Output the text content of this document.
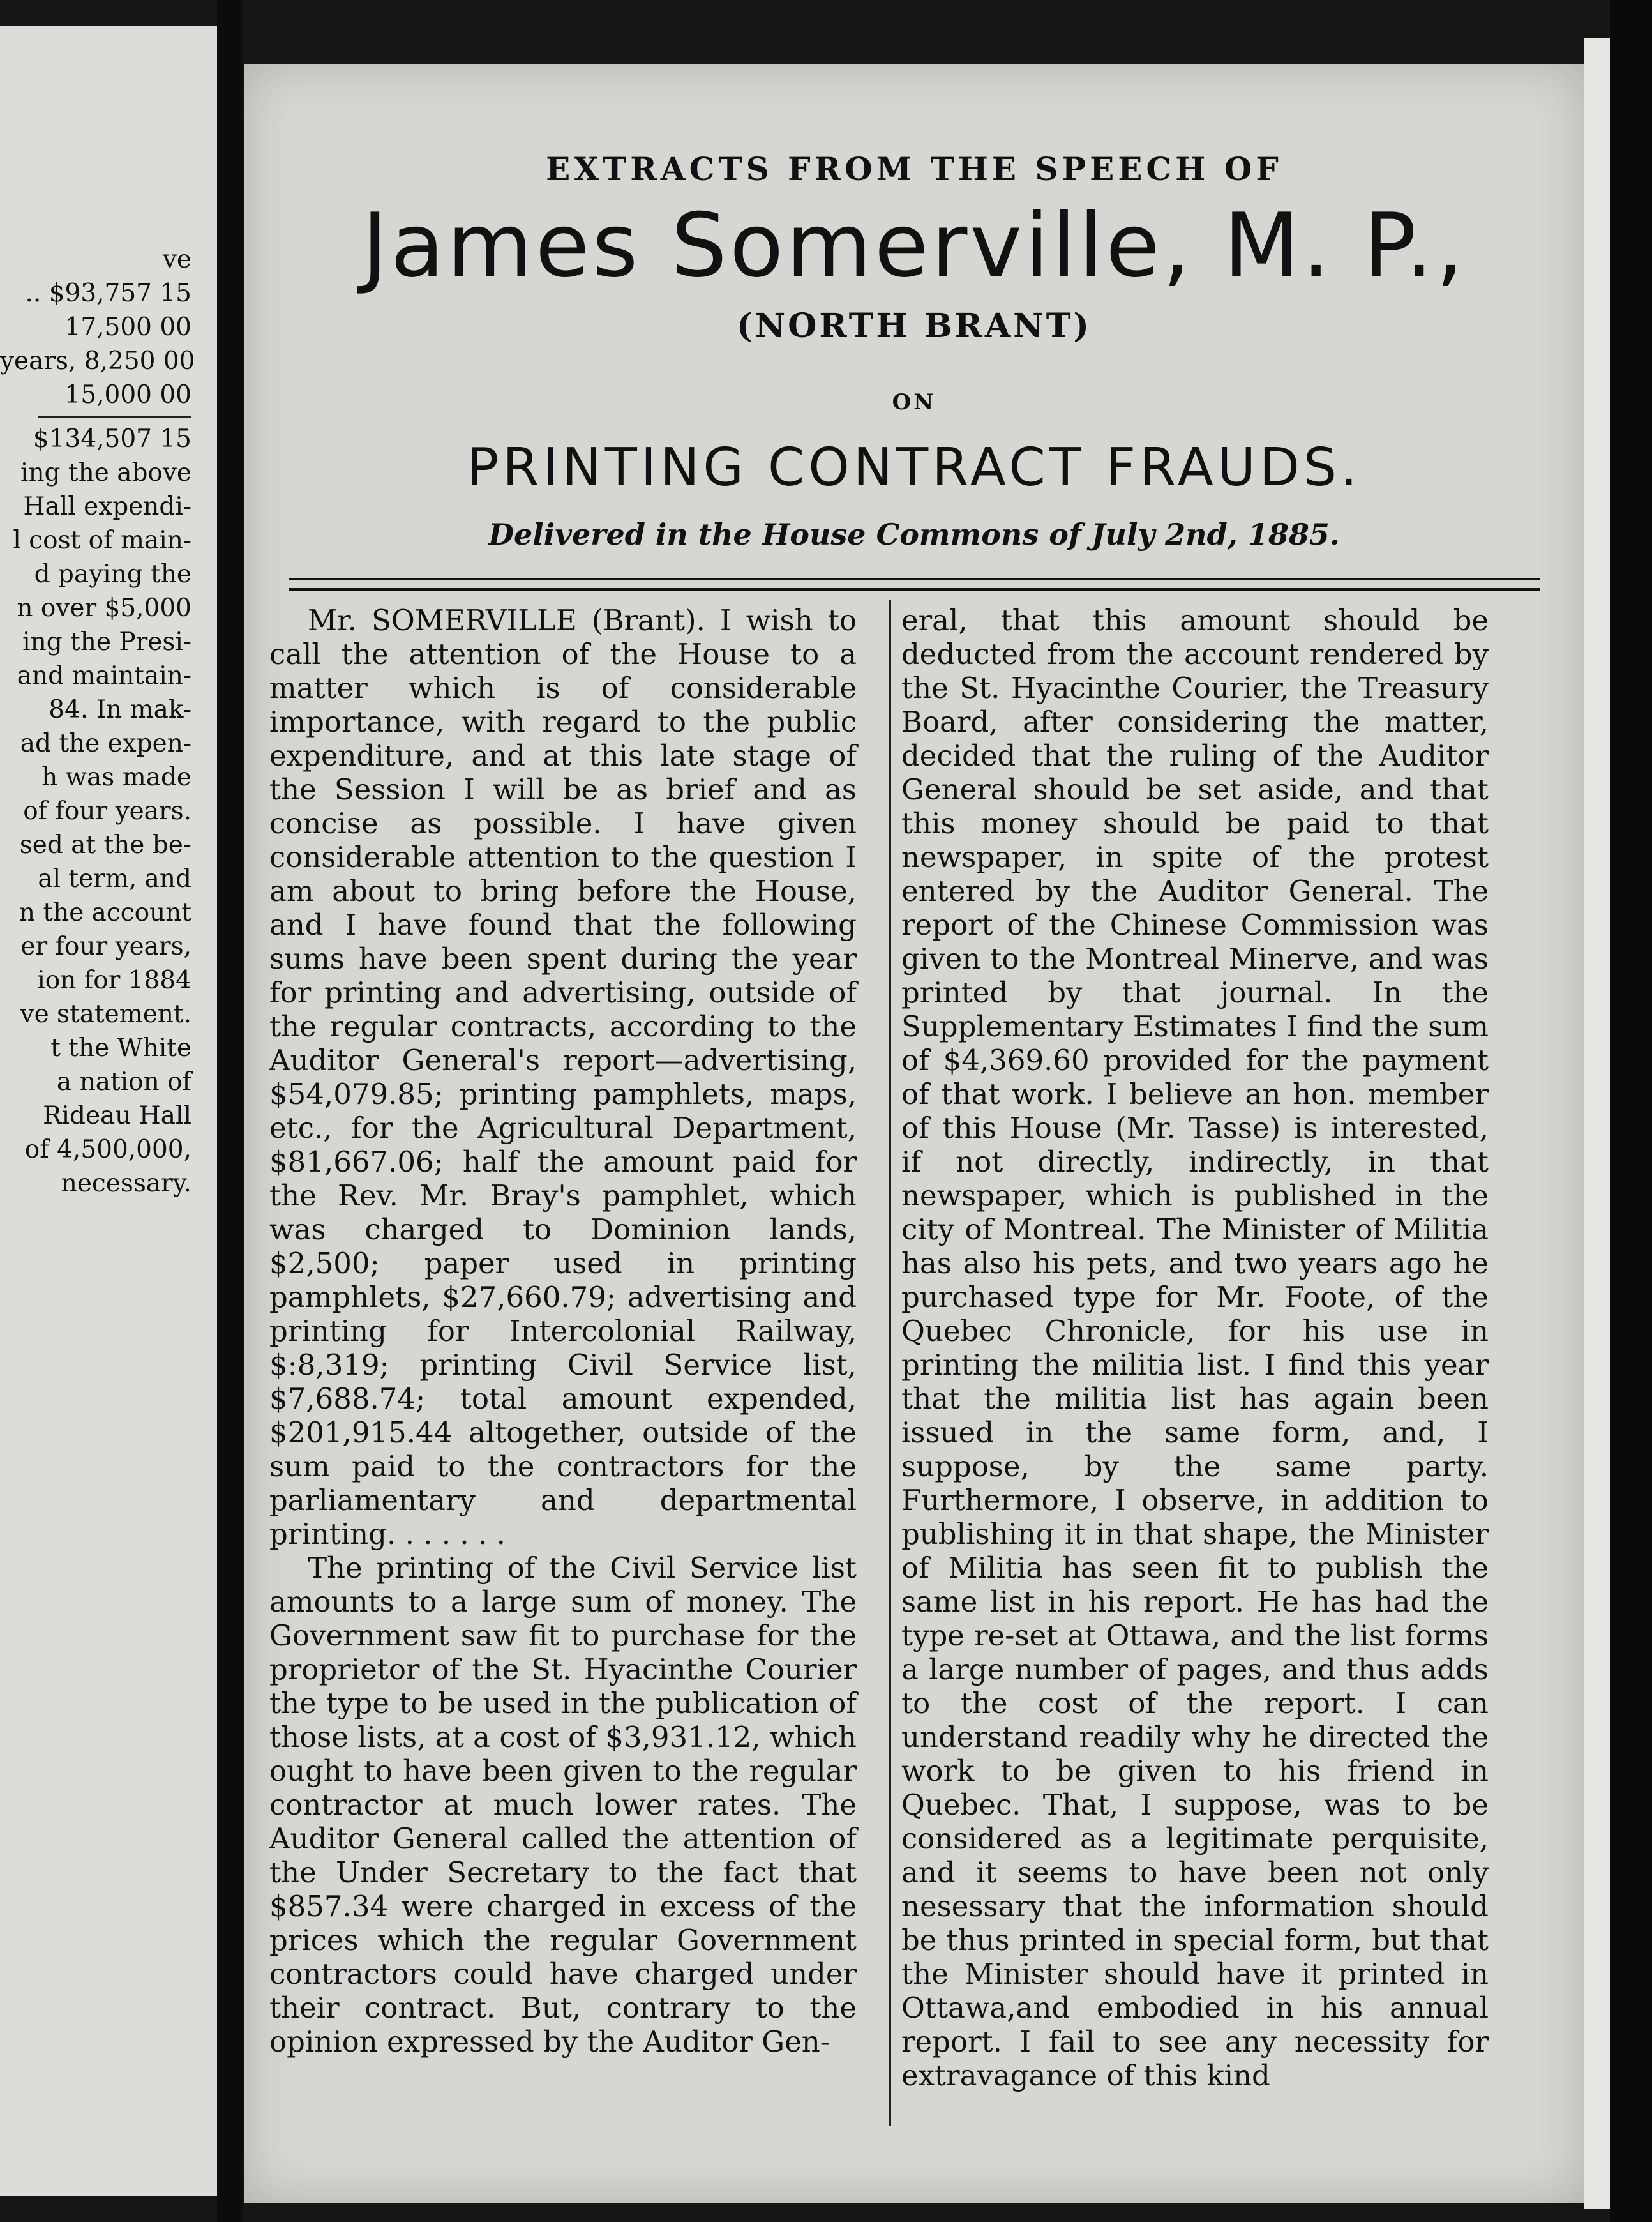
ve
.. $93,757 15
17,500 00
years, 8,250 00
15,000 00
$134,507 15
ing the above
Hall expendi-
l cost of main-
d paying the
n over $5,000
ing the Presi-
and maintain-
84. In mak-
ad the expen-
h was made
of four years.
sed at the be-
al term, and
n the account
er four years,
ion for 1884
ve statement.
t the White
a nation of
Rideau Hall
of 4,500,000,
necessary.
EXTRACTS FROM THE SPEECH OF
James Somerville, M. P.,
(NORTH BRANT)
ON
PRINTING CONTRACT FRAUDS.
Delivered in the House Commons of July 2nd, 1885.

Mr. SOMERVILLE (Brant). I wish to call the attention of the House to a matter which is of considerable importance, with regard to the public expenditure, and at this late stage of the Session I will be as brief and as concise as possible. I have given considerable attention to the question I am about to bring before the House, and I have found that the following sums have been spent during the year for printing and advertising, outside of the regular contracts, according to the Auditor General's report—advertising, $54,079.85; printing pamphlets, maps, etc., for the Agricultural Department, $81,667.06; half the amount paid for the Rev. Mr. Bray's pamphlet, which was charged to Dominion lands, $2,500; paper used in printing pamphlets, $27,660.79; advertising and printing for Intercolonial Railway, $:8,319; printing Civil Service list, $7,688.74; total amount expended, $201,915.44 altogether, outside of the sum paid to the contractors for the parliamentary and departmental printing. . . . . . .

The printing of the Civil Service list amounts to a large sum of money. The Government saw fit to purchase for the proprietor of the St. Hyacinthe Courier the type to be used in the publication of those lists, at a cost of $3,931.12, which ought to have been given to the regular contractor at much lower rates. The Auditor General called the attention of the Under Secretary to the fact that $857.34 were charged in excess of the prices which the regular Government contractors could have charged under their contract. But, contrary to the opinion expressed by the Auditor Gen-

eral, that this amount should be deducted from the account rendered by the St. Hyacinthe Courier, the Treasury Board, after considering the matter, decided that the ruling of the Auditor General should be set aside, and that this money should be paid to that newspaper, in spite of the protest entered by the Auditor General. The report of the Chinese Commission was given to the Montreal Minerve, and was printed by that journal. In the Supplementary Estimates I find the sum of $4,369.60 provided for the payment of that work. I believe an hon. member of this House (Mr. Tasse) is interested, if not directly, indirectly, in that newspaper, which is published in the city of Montreal. The Minister of Militia has also his pets, and two years ago he purchased type for Mr. Foote, of the Quebec Chronicle, for his use in printing the militia list. I find this year that the militia list has again been issued in the same form, and, I suppose, by the same party. Furthermore, I observe, in addition to publishing it in that shape, the Minister of Militia has seen fit to publish the same list in his report. He has had the type re-set at Ottawa, and the list forms a large number of pages, and thus adds to the cost of the report. I can understand readily why he directed the work to be given to his friend in Quebec. That, I suppose, was to be considered as a legitimate perquisite, and it seems to have been not only nesessary that the information should be thus printed in special form, but that the Minister should have it printed in Ottawa,and embodied in his annual report. I fail to see any necessity for extravagance of this kind
